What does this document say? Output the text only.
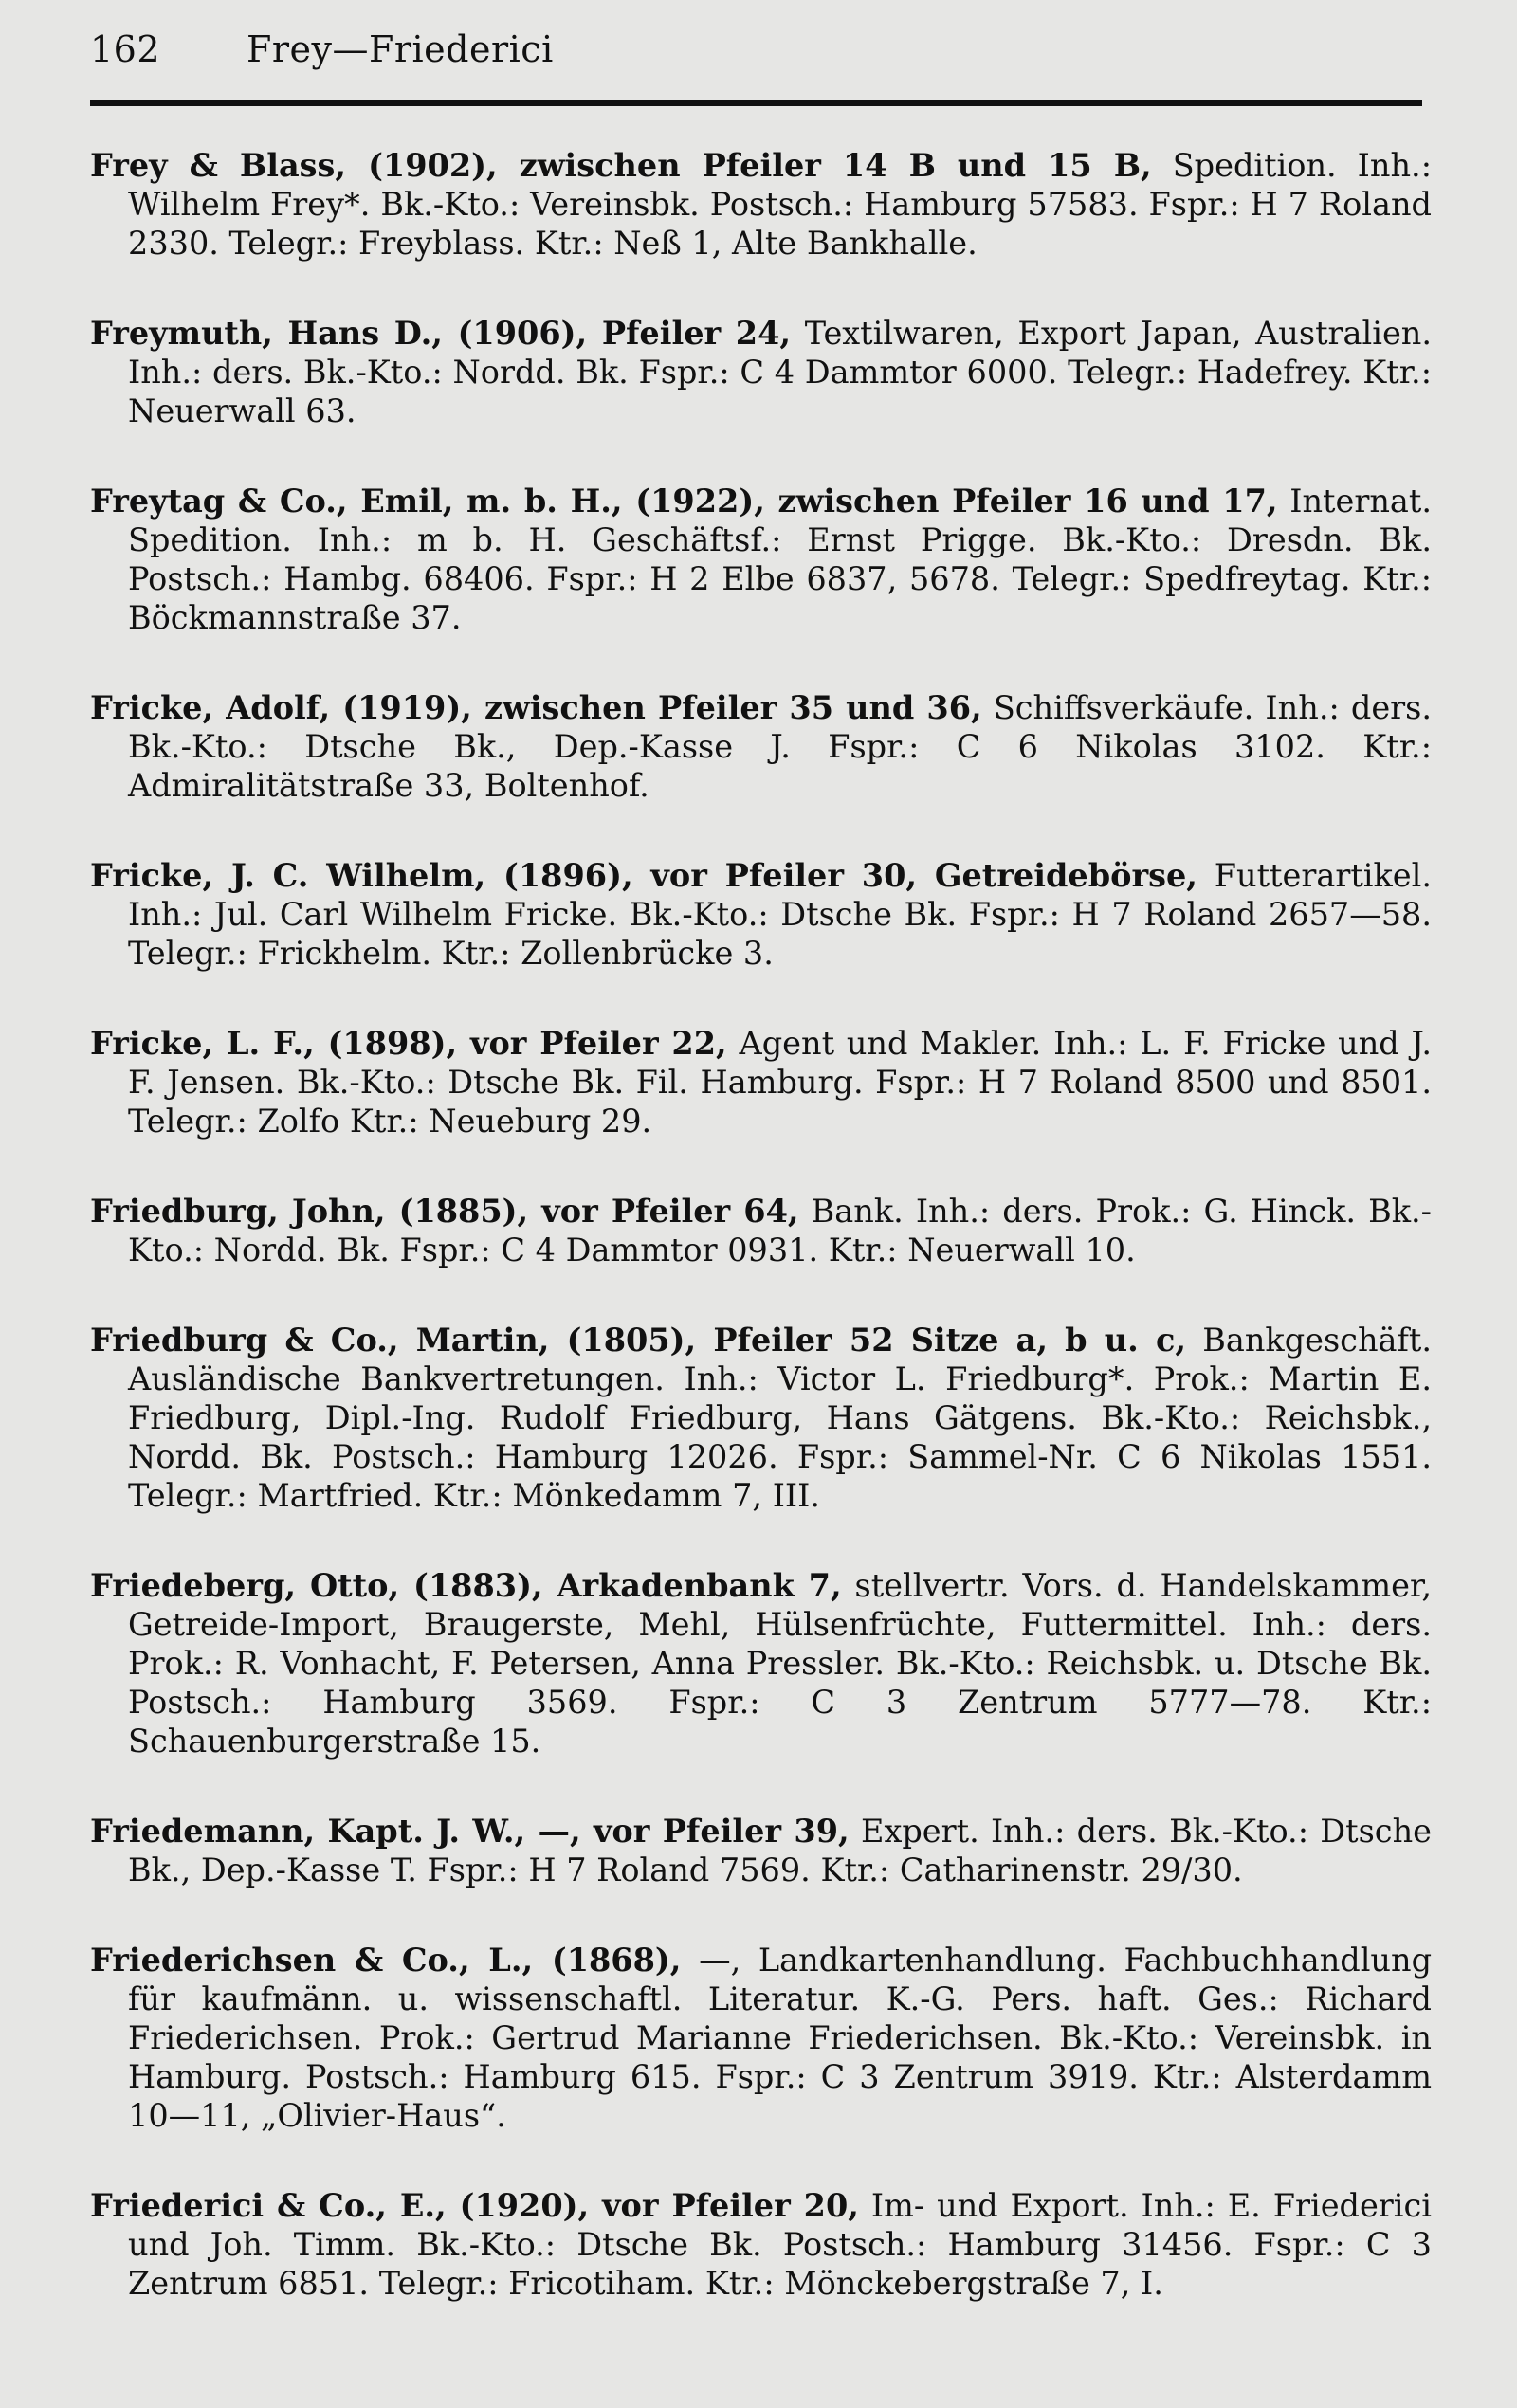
162	Frey—Friederici

Frey & Blass, (1902), zwischen Pfeiler 14 B und 15 B, Spedition. Inh.: Wilhelm Frey*. Bk.-Kto.: Vereinsbk. Postsch.: Hamburg 57583. Fspr.: H 7 Roland 2330. Telegr.: Freyblass. Ktr.: Neß 1, Alte Bankhalle.

Freymuth, Hans D., (1906), Pfeiler 24, Textilwaren, Export Japan, Australien. Inh.: ders. Bk.-Kto.: Nordd. Bk. Fspr.: C 4 Dammtor 6000. Telegr.: Hadefrey. Ktr.: Neuerwall 63.

Freytag & Co., Emil, m. b. H., (1922), zwischen Pfeiler 16 und 17, Internat. Spedition. Inh.: m b. H. Geschäftsf.: Ernst Prigge. Bk.-Kto.: Dresdn. Bk. Postsch.: Hambg. 68406. Fspr.: H 2 Elbe 6837, 5678. Telegr.: Spedfreytag. Ktr.: Böckmannstraße 37.

Fricke, Adolf, (1919), zwischen Pfeiler 35 und 36, Schiffsverkäufe. Inh.: ders. Bk.-Kto.: Dtsche Bk., Dep.-Kasse J. Fspr.: C 6 Nikolas 3102. Ktr.: Admiralitätstraße 33, Boltenhof.

Fricke, J. C. Wilhelm, (1896), vor Pfeiler 30, Getreidebörse, Futterartikel. Inh.: Jul. Carl Wilhelm Fricke. Bk.-Kto.: Dtsche Bk. Fspr.: H 7 Roland 2657—58. Telegr.: Frickhelm. Ktr.: Zollenbrücke 3.

Fricke, L. F., (1898), vor Pfeiler 22, Agent und Makler. Inh.: L. F. Fricke und J. F. Jensen. Bk.-Kto.: Dtsche Bk. Fil. Hamburg. Fspr.: H 7 Roland 8500 und 8501. Telegr.: Zolfo Ktr.: Neueburg 29.

Friedburg, John, (1885), vor Pfeiler 64, Bank. Inh.: ders. Prok.: G. Hinck. Bk.-Kto.: Nordd. Bk. Fspr.: C 4 Dammtor 0931. Ktr.: Neuerwall 10.

Friedburg & Co., Martin, (1805), Pfeiler 52 Sitze a, b u. c, Bankgeschäft. Ausländische Bankvertretungen. Inh.: Victor L. Friedburg*. Prok.: Martin E. Friedburg, Dipl.-Ing. Rudolf Friedburg, Hans Gätgens. Bk.-Kto.: Reichsbk., Nordd. Bk. Postsch.: Hamburg 12026. Fspr.: Sammel-Nr. C 6 Nikolas 1551. Telegr.: Martfried. Ktr.: Mönkedamm 7, III.

Friedeberg, Otto, (1883), Arkadenbank 7, stellvertr. Vors. d. Handelskammer, Getreide-Import, Braugerste, Mehl, Hülsenfrüchte, Futtermittel. Inh.: ders. Prok.: R. Vonhacht, F. Petersen, Anna Pressler. Bk.-Kto.: Reichsbk. u. Dtsche Bk. Postsch.: Hamburg 3569. Fspr.: C 3 Zentrum 5777—78. Ktr.: Schauenburgerstraße 15.

Friedemann, Kapt. J. W., —, vor Pfeiler 39, Expert. Inh.: ders. Bk.-Kto.: Dtsche Bk., Dep.-Kasse T. Fspr.: H 7 Roland 7569. Ktr.: Catharinenstr. 29/30.

Friederichsen & Co., L., (1868), —, Landkartenhandlung. Fachbuchhandlung für kaufmänn. u. wissenschaftl. Literatur. K.-G. Pers. haft. Ges.: Richard Friederichsen. Prok.: Gertrud Marianne Friederichsen. Bk.-Kto.: Vereinsbk. in Hamburg. Postsch.: Hamburg 615. Fspr.: C 3 Zentrum 3919. Ktr.: Alsterdamm 10—11, „Olivier-Haus“.

Friederici & Co., E., (1920), vor Pfeiler 20, Im- und Export. Inh.: E. Friederici und Joh. Timm. Bk.-Kto.: Dtsche Bk. Postsch.: Hamburg 31456. Fspr.: C 3 Zentrum 6851. Telegr.: Fricotiham. Ktr.: Mönckebergstraße 7, I.
